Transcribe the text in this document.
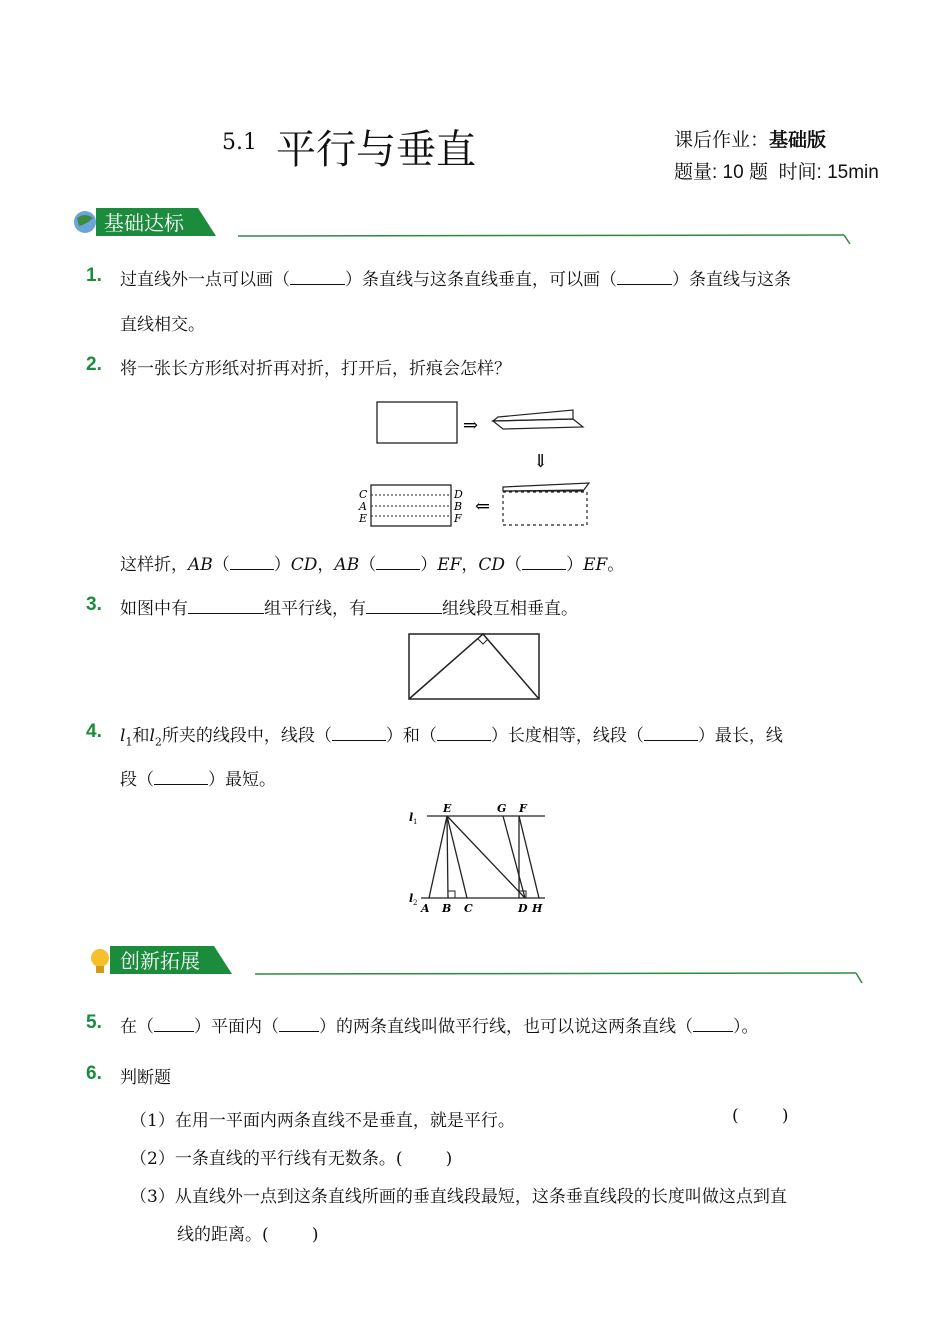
5.1 平行与垂直	课后作业：基础版
题量: 10 题  时间: 15min
基础达标
1. 过直线外一点可以画（	）条直线与这条直线垂直，可以画（	）条直线与这条
直线相交。
2. 将一张长方形纸对折再对折，打开后，折痕会怎样？
⇒
⇓
⇐
C
A
E
D
B
F
这样折，AB（	）CD，AB（	）EF，CD（	）EF。
3. 如图中有	组平行线，有	组线段互相垂直。
4. $l_1$和$l_2$所夹的线段中，线段（	）和（	）长度相等，线段（	）最长，线
段（	）最短。
E	G F
A B C	D H
l 1
l 2
创新拓展
5. 在（ ）平面内（ ）的两条直线叫做平行线，也可以说这两条直线（ ）。
6. 判断题
（1）在用一平面内两条直线不是垂直，就是平行。	(        )
（2）一条直线的平行线有无数条。(        )
（3）从直线外一点到这条直线所画的垂直线段最短，这条垂直线段的长度叫做这点到直
线的距离。(        )
